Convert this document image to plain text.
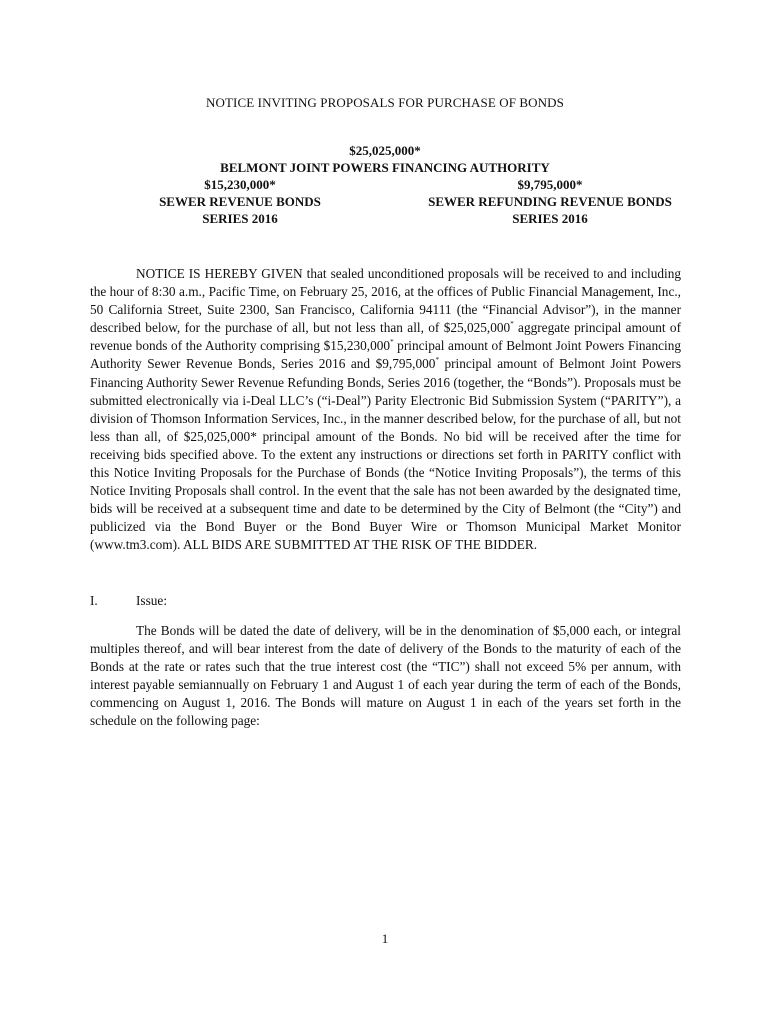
NOTICE INVITING PROPOSALS FOR PURCHASE OF BONDS
$25,025,000*
BELMONT JOINT POWERS FINANCING AUTHORITY
$15,230,000*	$9,795,000*
SEWER REVENUE BONDS	SEWER REFUNDING REVENUE BONDS
SERIES 2016	SERIES 2016

NOTICE IS HEREBY GIVEN that sealed unconditioned proposals will be received to and including the hour of 8:30 a.m., Pacific Time, on February 25, 2016, at the offices of Public Financial Management, Inc., 50 California Street, Suite 2300, San Francisco, California 94111 (the “Financial Advisor”), in the manner described below, for the purchase of all, but not less than all, of $25,025,000* aggregate principal amount of revenue bonds of the Authority comprising $15,230,000* principal amount of Belmont Joint Powers Financing Authority Sewer Revenue Bonds, Series 2016 and $9,795,000* principal amount of Belmont Joint Powers Financing Authority Sewer Revenue Refunding Bonds, Series 2016 (together, the “Bonds”). Proposals must be submitted electronically via i-Deal LLC’s (“i-Deal”) Parity Electronic Bid Submission System (“PARITY”), a division of Thomson Information Services, Inc., in the manner described below, for the purchase of all, but not less than all, of $25,025,000* principal amount of the Bonds. No bid will be received after the time for receiving bids specified above. To the extent any instructions or directions set forth in PARITY conflict with this Notice Inviting Proposals for the Purchase of Bonds (the “Notice Inviting Proposals”), the terms of this Notice Inviting Proposals shall control. In the event that the sale has not been awarded by the designated time, bids will be received at a subsequent time and date to be determined by the City of Belmont (the “City”) and publicized via the Bond Buyer or the Bond Buyer Wire or Thomson Municipal Market Monitor (www.tm3.com). ALL BIDS ARE SUBMITTED AT THE RISK OF THE BIDDER.

I.	Issue:

The Bonds will be dated the date of delivery, will be in the denomination of $5,000 each, or integral multiples thereof, and will bear interest from the date of delivery of the Bonds to the maturity of each of the Bonds at the rate or rates such that the true interest cost (the “TIC”) shall not exceed 5% per annum, with interest payable semiannually on February 1 and August 1 of each year during the term of each of the Bonds, commencing on August 1, 2016. The Bonds will mature on August 1 in each of the years set forth in the schedule on the following page:

1
